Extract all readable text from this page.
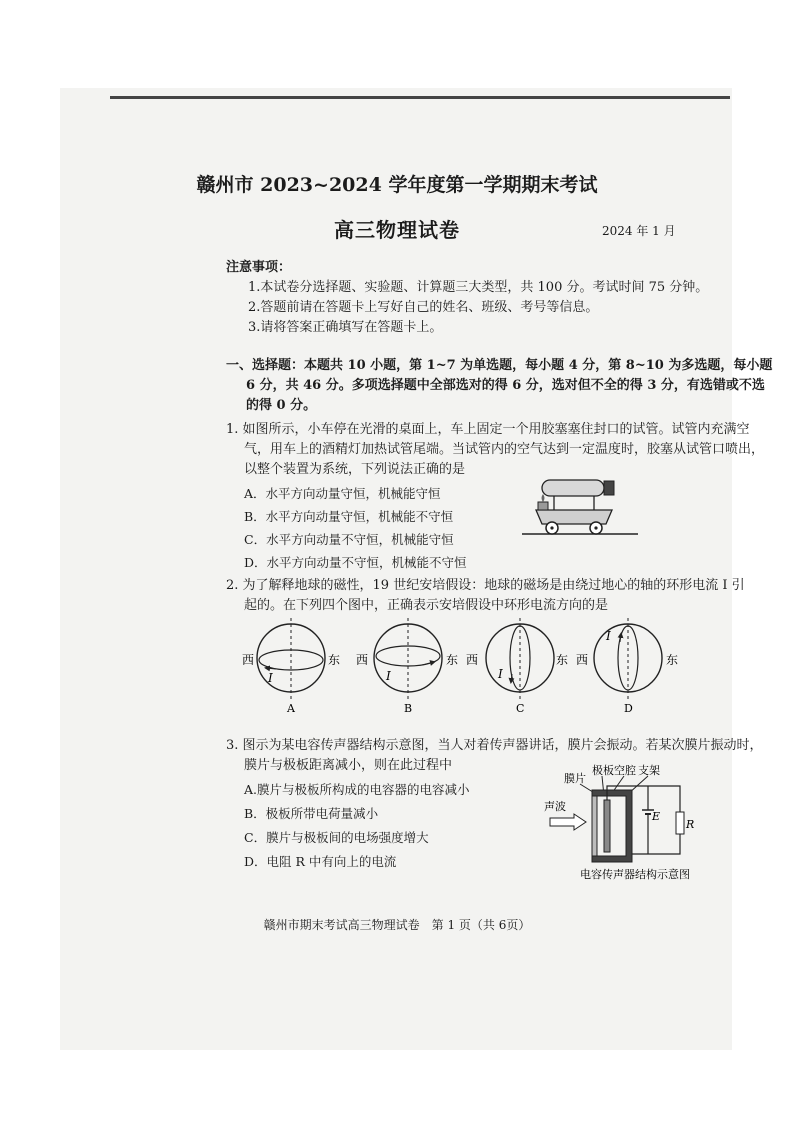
赣州市 2023~2024 学年度第一学期期末考试
高三物理试卷	2024 年 1 月
注意事项：
1.本试卷分选择题、实验题、计算题三大类型，共 100 分。考试时间 75 分钟。
2.答题前请在答题卡上写好自己的姓名、班级、考号等信息。
3.请将答案正确填写在答题卡上。
一、选择题：本题共 10 小题，第 1~7 为单选题，每小题 4 分，第 8~10 为多选题，每小题
6 分，共 46 分。多项选择题中全部选对的得 6 分，选对但不全的得 3 分，有选错或不选
的得 0 分。
1. 如图所示，小车停在光滑的桌面上，车上固定一个用胶塞塞住封口的试管。试管内充满空
气，用车上的酒精灯加热试管尾端。当试管内的空气达到一定温度时，胶塞从试管口喷出，
以整个装置为系统，下列说法正确的是
A．水平方向动量守恒，机械能守恒
B．水平方向动量守恒，机械能不守恒
C．水平方向动量不守恒，机械能守恒
D．水平方向动量不守恒，机械能不守恒
2. 为了解释地球的磁性，19 世纪安培假设：地球的磁场是由绕过地心的轴的环形电流 I 引
起的。在下列四个图中，正确表示安培假设中环形电流方向的是
I
西	东
A
I
西	东
B
I
西	东
C
I
西	东
D
3. 图示为某电容传声器结构示意图，当人对着传声器讲话，膜片会振动。若某次膜片振动时，
膜片与极板距离减小，则在此过程中
A.膜片与极板所构成的电容器的电容减小
B．极板所带电荷量减小
C．膜片与极板间的电场强度增大
D．电阻 R 中有向上的电流
膜片
极板 空腔 支架
E
R
声波
电容传声器结构示意图
赣州市期末考试高三物理试卷　第 1 页（共 6页）
